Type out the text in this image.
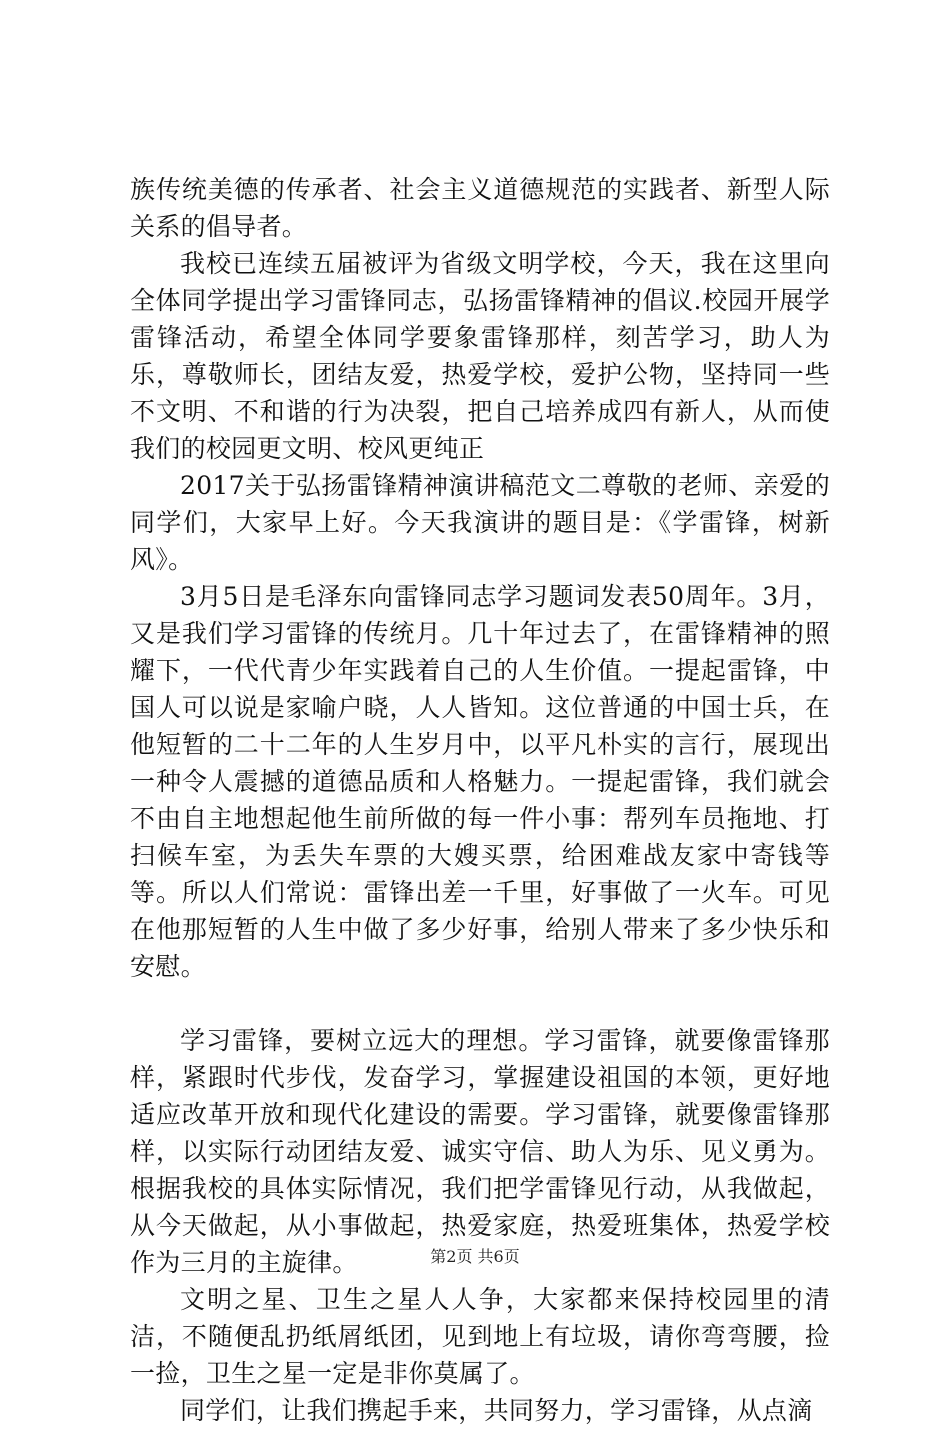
族传统美德的传承者、社会主义道德规范的实践者、新型人际关系的倡导者。

我校已连续五届被评为省级文明学校，今天，我在这里向全体同学提出学习雷锋同志，弘扬雷锋精神的倡议.校园开展学雷锋活动，希望全体同学要象雷锋那样，刻苦学习，助人为乐，尊敬师长，团结友爱，热爱学校，爱护公物，坚持同一些不文明、不和谐的行为决裂，把自己培养成四有新人，从而使我们的校园更文明、校风更纯正

2017关于弘扬雷锋精神演讲稿范文二尊敬的老师、亲爱的同学们，大家早上好。今天我演讲的题目是：《学雷锋，树新风》。

3月5日是毛泽东向雷锋同志学习题词发表50周年。3月，又是我们学习雷锋的传统月。几十年过去了，在雷锋精神的照耀下，一代代青少年实践着自己的人生价值。一提起雷锋，中国人可以说是家喻户晓，人人皆知。这位普通的中国士兵，在他短暂的二十二年的人生岁月中，以平凡朴实的言行，展现出一种令人震撼的道德品质和人格魅力。一提起雷锋，我们就会不由自主地想起他生前所做的每一件小事：帮列车员拖地、打扫候车室，为丢失车票的大嫂买票，给困难战友家中寄钱等等。所以人们常说：雷锋出差一千里，好事做了一火车。可见在他那短暂的人生中做了多少好事，给别人带来了多少快乐和安慰。

学习雷锋，要树立远大的理想。学习雷锋，就要像雷锋那样，紧跟时代步伐，发奋学习，掌握建设祖国的本领，更好地适应改革开放和现代化建设的需要。学习雷锋，就要像雷锋那样，以实际行动团结友爱、诚实守信、助人为乐、见义勇为。根据我校的具体实际情况，我们把学雷锋见行动，从我做起，从今天做起，从小事做起，热爱家庭，热爱班集体，热爱学校作为三月的主旋律。

文明之星、卫生之星人人争，大家都来保持校园里的清洁，不随便乱扔纸屑纸团，见到地上有垃圾，请你弯弯腰，捡一捡，卫生之星一定是非你莫属了。

同学们，让我们携起手来，共同努力，学习雷锋，从点滴

第2页 共6页
